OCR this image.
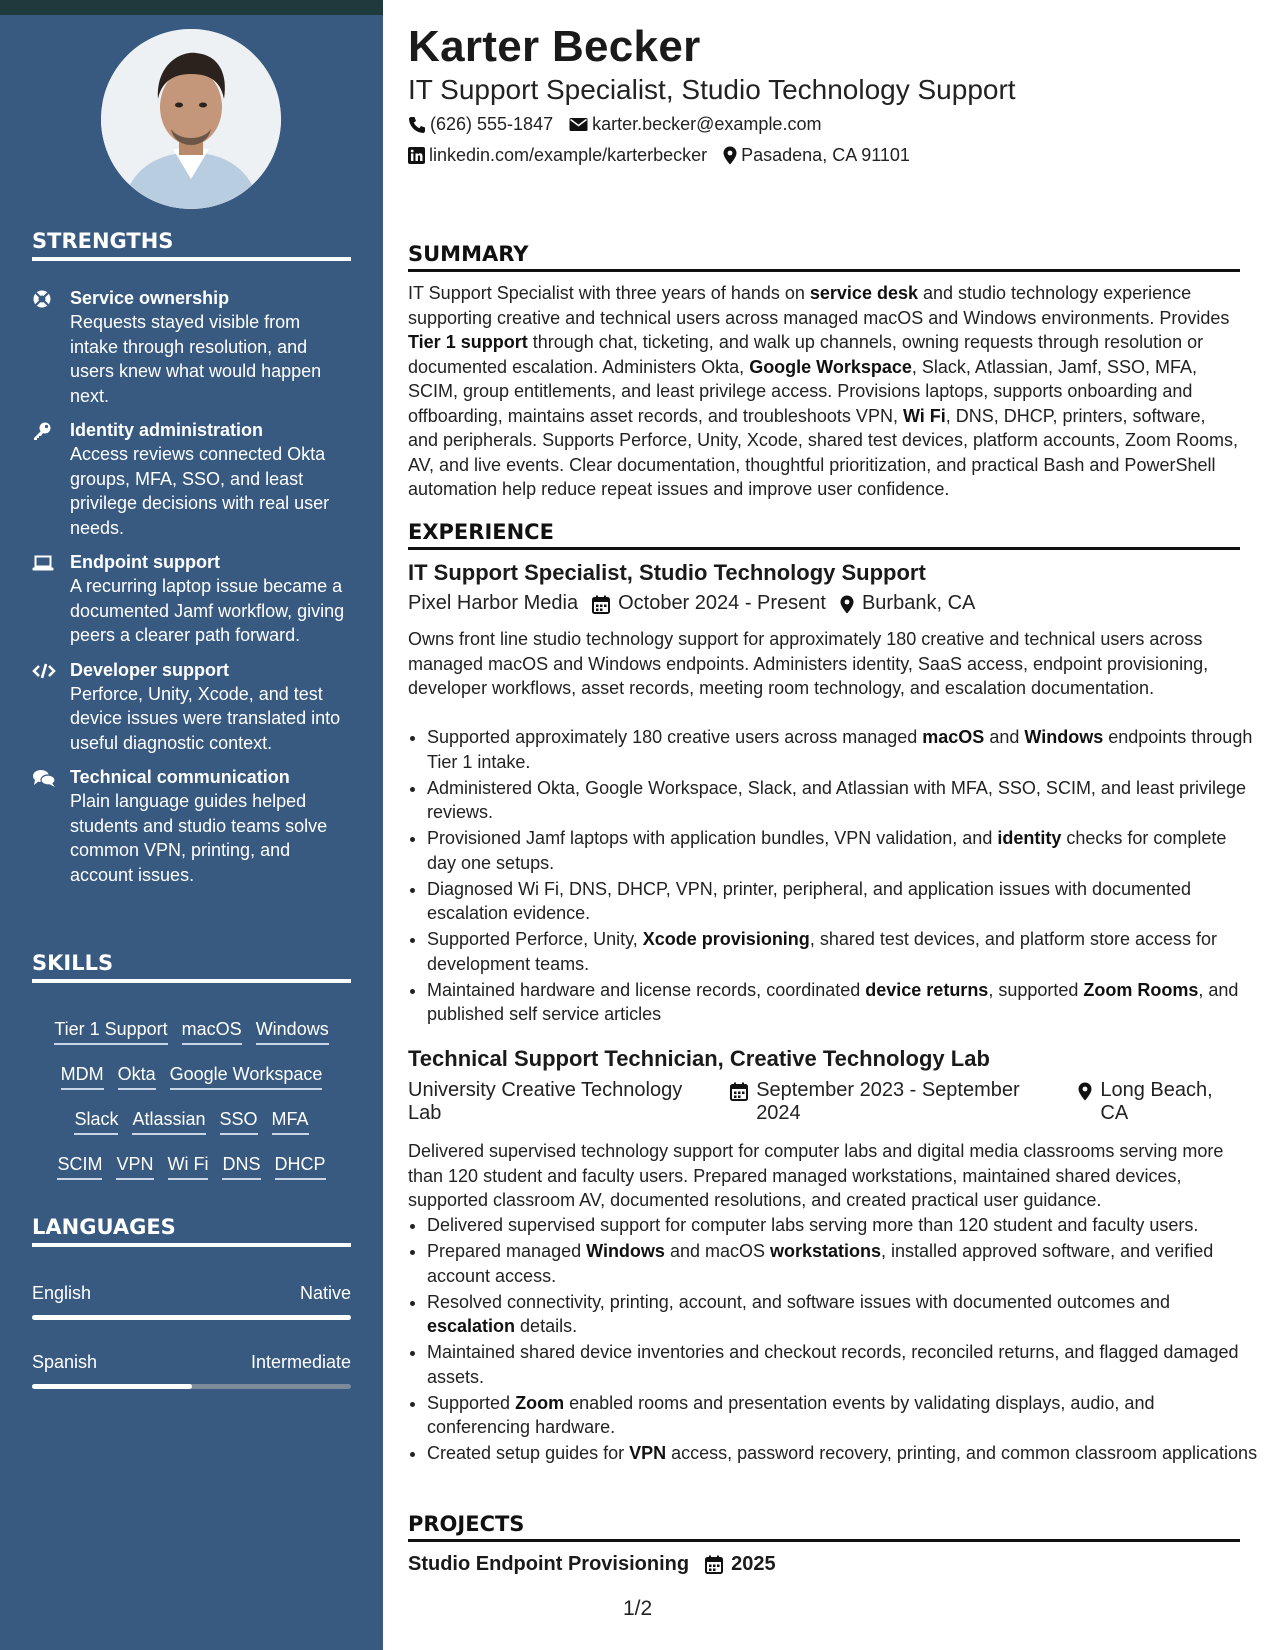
STRENGTHS
Service ownership
Requests stayed visible from intake through resolution, and users knew what would happen next.
Identity administration
Access reviews connected Okta groups, MFA, SSO, and least privilege decisions with real user needs.
Endpoint support
A recurring laptop issue became a documented Jamf workflow, giving peers a clearer path forward.
Developer support
Perforce, Unity, Xcode, and test device issues were translated into useful diagnostic context.
Technical communication
Plain language guides helped students and studio teams solve common VPN, printing, and account issues.
SKILLS
Tier 1 Support macOS Windows
MDM Okta Google Workspace
Slack Atlassian SSO MFA
SCIM VPN Wi Fi DNS DHCP
LANGUAGES
English	Native
Spanish	Intermediate
Karter Becker
IT Support Specialist, Studio Technology Support
(626) 555-1847 karter.becker@example.com
linkedin.com/example/karterbecker Pasadena, CA 91101
SUMMARY
IT Support Specialist with three years of hands on service desk and studio technology experience supporting creative and technical users across managed macOS and Windows environments. Provides Tier 1 support through chat, ticketing, and walk up channels, owning requests through resolution or documented escalation. Administers Okta, Google Workspace, Slack, Atlassian, Jamf, SSO, MFA, SCIM, group entitlements, and least privilege access. Provisions laptops, supports onboarding and offboarding, maintains asset records, and troubleshoots VPN, Wi Fi, DNS, DHCP, printers, software, and peripherals. Supports Perforce, Unity, Xcode, shared test devices, platform accounts, Zoom Rooms, AV, and live events. Clear documentation, thoughtful prioritization, and practical Bash and PowerShell automation help reduce repeat issues and improve user confidence.
EXPERIENCE
IT Support Specialist, Studio Technology Support
Pixel Harbor Media October 2024 - Present Burbank, CA
Owns front line studio technology support for approximately 180 creative and technical users across managed macOS and Windows endpoints. Administers identity, SaaS access, endpoint provisioning, developer workflows, asset records, meeting room technology, and escalation documentation.
• Supported approximately 180 creative users across managed macOS and Windows endpoints through Tier 1 intake.
• Administered Okta, Google Workspace, Slack, and Atlassian with MFA, SSO, SCIM, and least privilege reviews.
• Provisioned Jamf laptops with application bundles, VPN validation, and identity checks for complete day one setups.
• Diagnosed Wi Fi, DNS, DHCP, VPN, printer, peripheral, and application issues with documented escalation evidence.
• Supported Perforce, Unity, Xcode provisioning, shared test devices, and platform store access for development teams.
• Maintained hardware and license records, coordinated device returns, supported Zoom Rooms, and published self service articles
Technical Support Technician, Creative Technology Lab
University Creative Technology Lab
September 2023 - September 2024
Long Beach, CA
Delivered supervised technology support for computer labs and digital media classrooms serving more than 120 student and faculty users. Prepared managed workstations, maintained shared devices, supported classroom AV, documented resolutions, and created practical user guidance.
• Delivered supervised support for computer labs serving more than 120 student and faculty users.
• Prepared managed Windows and macOS workstations, installed approved software, and verified account access.
• Resolved connectivity, printing, account, and software issues with documented outcomes and escalation details.
• Maintained shared device inventories and checkout records, reconciled returns, and flagged damaged assets.
• Supported Zoom enabled rooms and presentation events by validating displays, audio, and conferencing hardware.
• Created setup guides for VPN access, password recovery, printing, and common classroom applications
PROJECTS
Studio Endpoint Provisioning 2025
1/2
